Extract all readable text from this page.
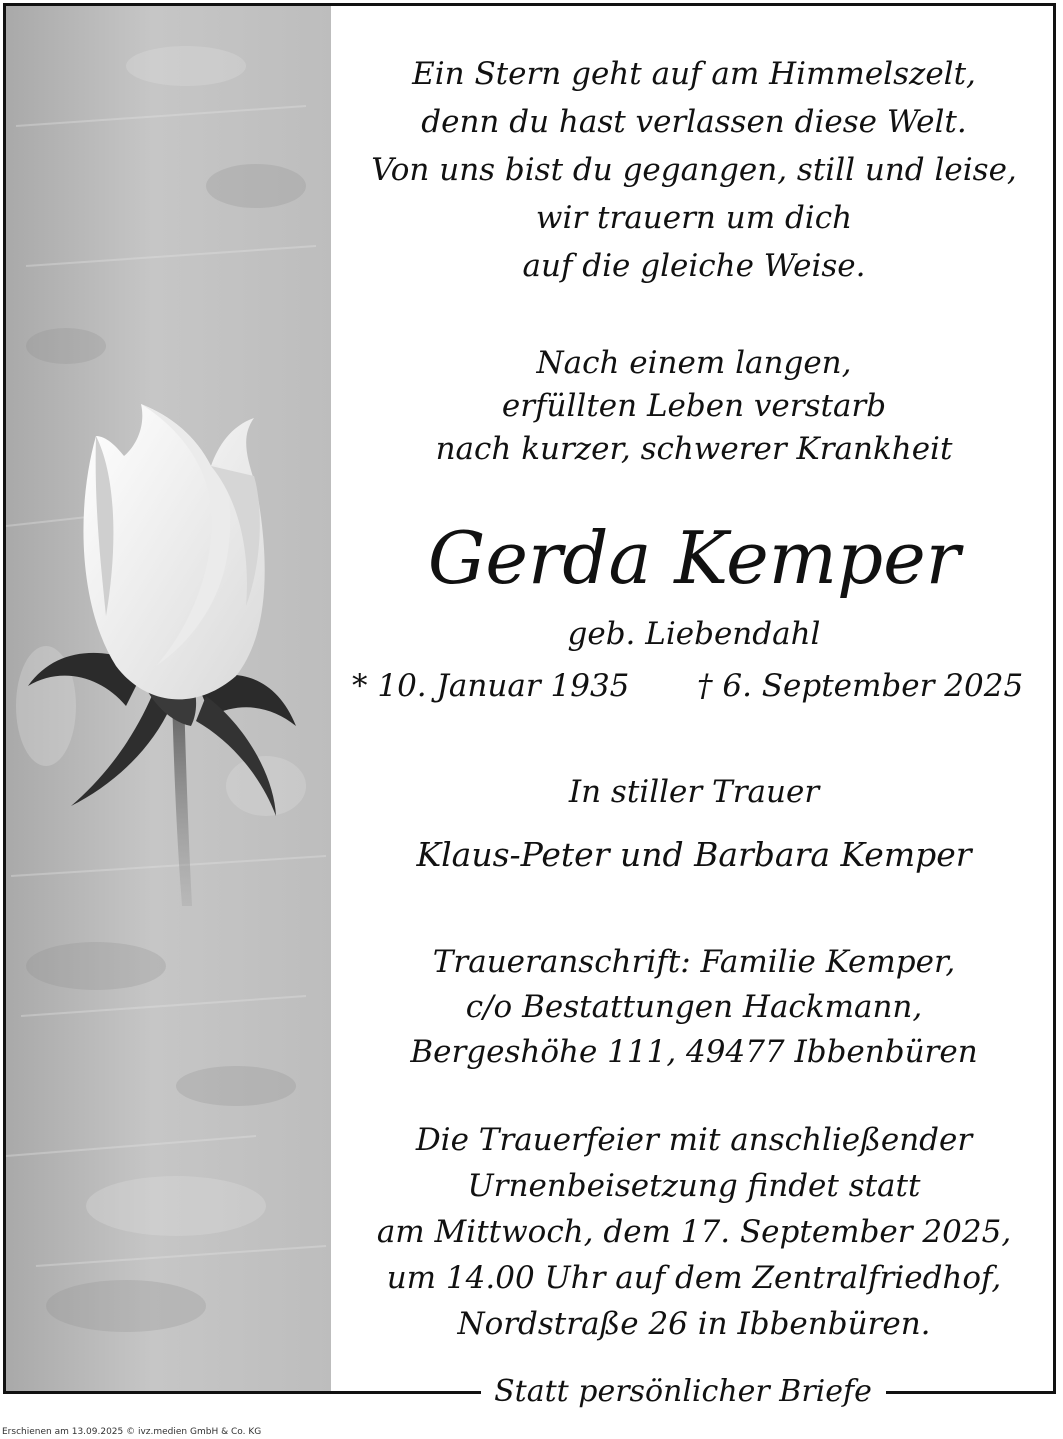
Ein Stern geht auf am Himmelszelt,
denn du hast verlassen diese Welt.
Von uns bist du gegangen, still und leise,
wir trauern um dich
auf die gleiche Weise.
Nach einem langen,
erfüllten Leben verstarb
nach kurzer, schwerer Krankheit
Gerda Kemper
geb. Liebendahl
* 10. Januar 1935 † 6. September 2025
In stiller Trauer
Klaus-Peter und Barbara Kemper
Traueranschrift: Familie Kemper,
c/o Bestattungen Hackmann,
Bergeshöhe 111, 49477 Ibbenbüren
Die Trauerfeier mit anschließender
Urnenbeisetzung findet statt
am Mittwoch, dem 17. September 2025,
um 14.00 Uhr auf dem Zentralfriedhof,
Nordstraße 26 in Ibbenbüren.
Statt persönlicher Briefe
Erschienen am 13.09.2025 © ivz.medien GmbH & Co. KG
